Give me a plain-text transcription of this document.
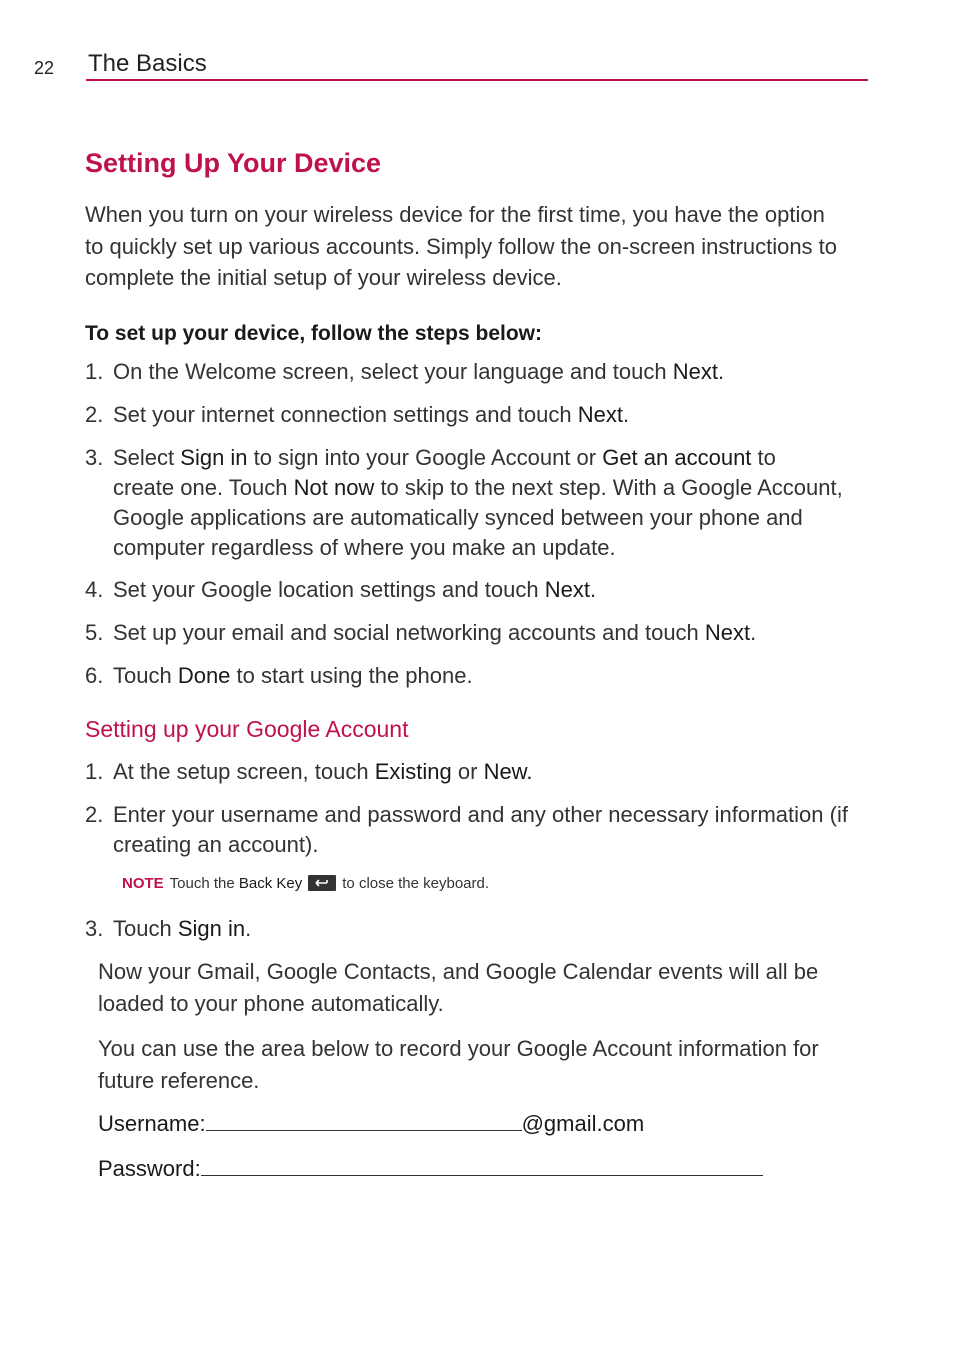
22 The Basics
Setting Up Your Device
When you turn on your wireless device for the first time, you have the option to quickly set up various accounts. Simply follow the on-screen instructions to complete the initial setup of your wireless device.
To set up your device, follow the steps below:
1. On the Welcome screen, select your language and touch Next.
2. Set your internet connection settings and touch Next.
3. Select Sign in to sign into your Google Account or Get an account to create one. Touch Not now to skip to the next step. With a Google Account, Google applications are automatically synced between your phone and computer regardless of where you make an update.
4. Set your Google location settings and touch Next.
5. Set up your email and social networking accounts and touch Next.
6. Touch Done to start using the phone.
Setting up your Google Account
1. At the setup screen, touch Existing or New.
2. Enter your username and password and any other necessary information (if creating an account).
NOTE Touch the Back Key	to close the keyboard.
3. Touch Sign in.
Now your Gmail, Google Contacts, and Google Calendar events will all be loaded to your phone automatically.
You can use the area below to record your Google Account information for future reference.
Username:	@gmail.com
Password:
